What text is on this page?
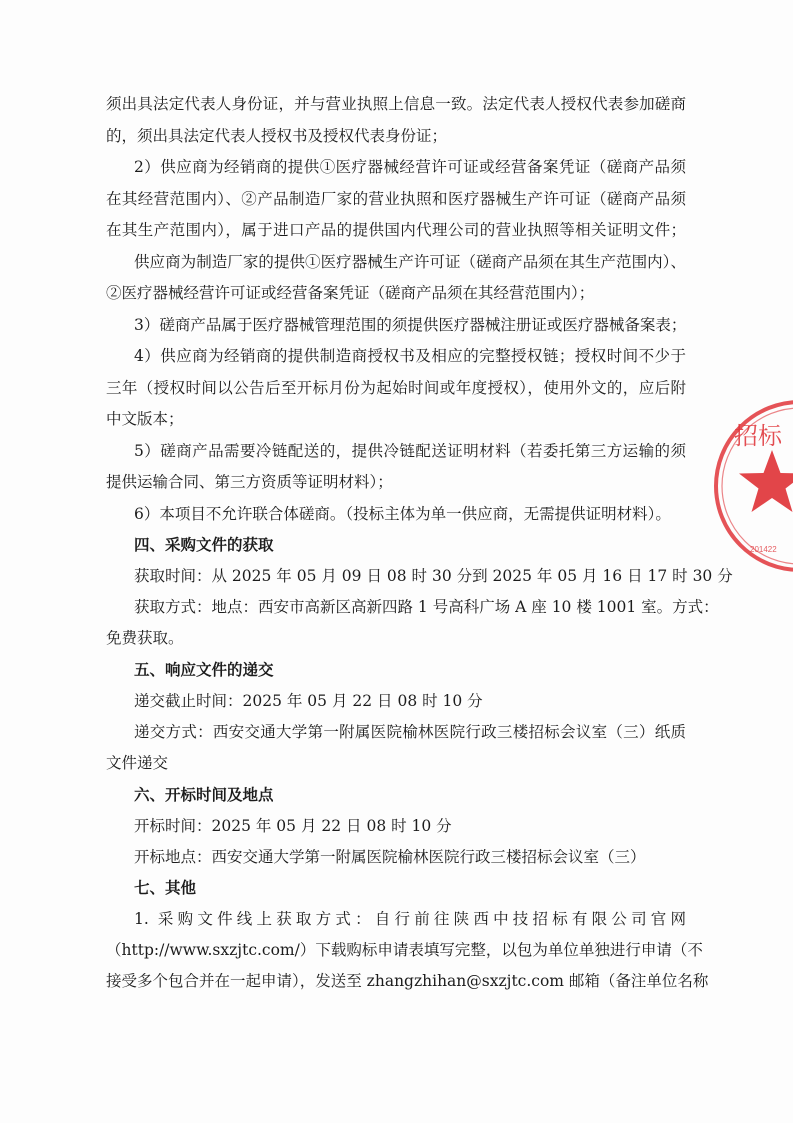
须出具法定代表人身份证，并与营业执照上信息一致。法定代表人授权代表参加磋商
的，须出具法定代表人授权书及授权代表身份证；
2）供应商为经销商的提供①医疗器械经营许可证或经营备案凭证（磋商产品须
在其经营范围内）、②产品制造厂家的营业执照和医疗器械生产许可证（磋商产品须
在其生产范围内），属于进口产品的提供国内代理公司的营业执照等相关证明文件；
供应商为制造厂家的提供①医疗器械生产许可证（磋商产品须在其生产范围内）、
②医疗器械经营许可证或经营备案凭证（磋商产品须在其经营范围内）；
3）磋商产品属于医疗器械管理范围的须提供医疗器械注册证或医疗器械备案表；
4）供应商为经销商的提供制造商授权书及相应的完整授权链；授权时间不少于
三年（授权时间以公告后至开标月份为起始时间或年度授权），使用外文的，应后附
中文版本；
5）磋商产品需要冷链配送的，提供冷链配送证明材料（若委托第三方运输的须
提供运输合同、第三方资质等证明材料）；
6）本项目不允许联合体磋商。（投标主体为单一供应商，无需提供证明材料）。
四、采购文件的获取
获取时间：从 2025 年 05 月 09 日 08 时 30 分到 2025 年 05 月 16 日 17 时 30 分
获取方式：地点：西安市高新区高新四路 1 号高科广场 A 座 10 楼 1001 室。方式：
免费获取。
五、响应文件的递交
递交截止时间：2025 年 05 月 22 日 08 时 10 分
递交方式：西安交通大学第一附属医院榆林医院行政三楼招标会议室（三）纸质
文件递交
六、开标时间及地点
开标时间：2025 年 05 月 22 日 08 时 10 分
开标地点：西安交通大学第一附属医院榆林医院行政三楼招标会议室（三）
七、其他
1. 采购文件线上获取方式：自行前往陕西中技招标有限公司官网
（http://www.sxzjtc.com/）下载购标申请表填写完整，以包为单位单独进行申请（不
接受多个包合并在一起申请），发送至 zhangzhihan@sxzjtc.com 邮箱（备注单位名称
招标
201422
